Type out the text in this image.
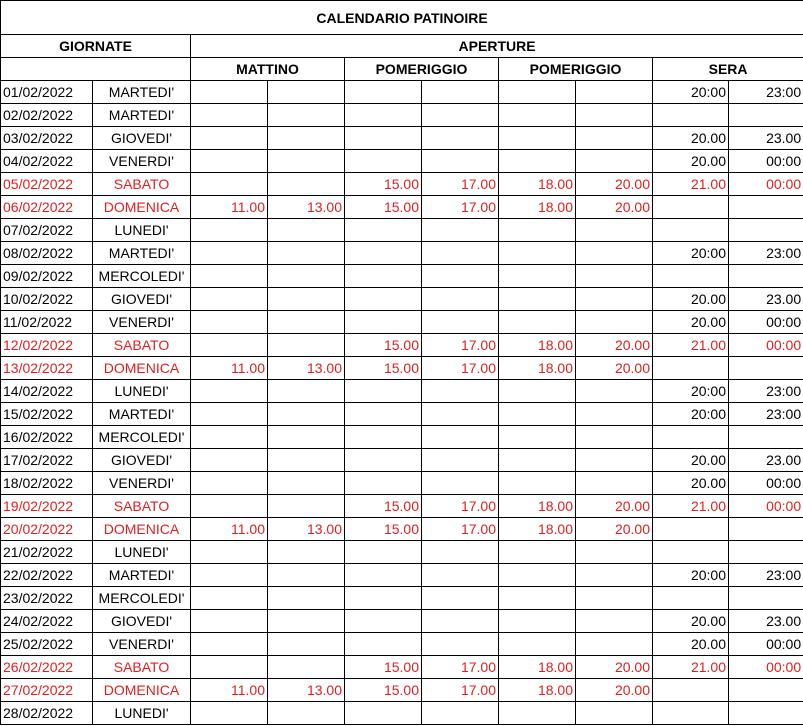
CALENDARIO PATINOIRE									
GIORNATE		APERTURE							
		MATTINO		POMERIGGIO		POMERIGGIO		SERA	
01/02/2022	MARTEDI'							20:00	23:00
02/02/2022	MARTEDI'								
03/02/2022	GIOVEDI'							20.00	23.00
04/02/2022	VENERDI'							20.00	00:00
05/02/2022	SABATO			15.00	17.00	18.00	20.00	21.00	00:00
06/02/2022	DOMENICA	11.00	13.00	15.00	17.00	18.00	20.00		
07/02/2022	LUNEDI'								
08/02/2022	MARTEDI'							20:00	23:00
09/02/2022	MERCOLEDI'								
10/02/2022	GIOVEDI'							20.00	23.00
11/02/2022	VENERDI'							20.00	00:00
12/02/2022	SABATO			15.00	17.00	18.00	20.00	21.00	00:00
13/02/2022	DOMENICA	11.00	13.00	15.00	17.00	18.00	20.00		
14/02/2022	LUNEDI'							20:00	23:00
15/02/2022	MARTEDI'							20:00	23:00
16/02/2022	MERCOLEDI'								
17/02/2022	GIOVEDI'							20.00	23.00
18/02/2022	VENERDI'							20.00	00:00
19/02/2022	SABATO			15.00	17.00	18.00	20.00	21.00	00:00
20/02/2022	DOMENICA	11.00	13.00	15.00	17.00	18.00	20.00		
21/02/2022	LUNEDI'								
22/02/2022	MARTEDI'							20:00	23:00
23/02/2022	MERCOLEDI'								
24/02/2022	GIOVEDI'							20.00	23.00
25/02/2022	VENERDI'							20.00	00:00
26/02/2022	SABATO			15.00	17.00	18.00	20.00	21.00	00:00
27/02/2022	DOMENICA	11.00	13.00	15.00	17.00	18.00	20.00		
28/02/2022	LUNEDI'								
